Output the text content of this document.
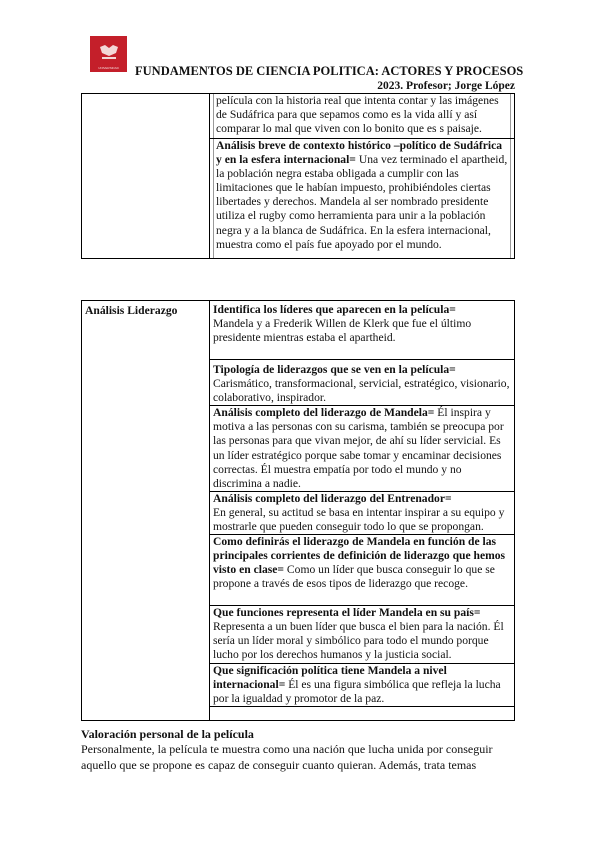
UNIVERSIDAD FUNDAMENTOS DE CIENCIA POLITICA: ACTORES Y PROCESOS
2023. Profesor; Jorge López

película con la historia real que intenta contar y las imágenes de Sudáfrica para que sepamos como es la vida allí y así comparar lo mal que viven con lo bonito que es s paisaje.

Análisis breve de contexto histórico –político de Sudáfrica y en la esfera internacional= Una vez terminado el apartheid, la población negra estaba obligada a cumplir con las limitaciones que le habían impuesto, prohibiéndoles ciertas libertades y derechos. Mandela al ser nombrado presidente utiliza el rugby como herramienta para unir a la población negra y a la blanca de Sudáfrica. En la esfera internacional, muestra como el país fue apoyado por el mundo.
Análisis Liderazgo	Identifica los líderes que aparecen en la película=
Mandela y a Frederik Willen de Klerk que fue el último presidente mientras estaba el apartheid.
Tipología de liderazgos que se ven en la película=
Carismático, transformacional, servicial, estratégico, visionario, colaborativo, inspirador.
Análisis completo del liderazgo de Mandela= Él inspira y motiva a las personas con su carisma, también se preocupa por las personas para que vivan mejor, de ahí su líder servicial. Es un líder estratégico porque sabe tomar y encaminar decisiones correctas. Él muestra empatía por todo el mundo y no discrimina a nadie.
Análisis completo del liderazgo del Entrenador=
En general, su actitud se basa en intentar inspirar a su equipo y mostrarle que pueden conseguir todo lo que se propongan.
Como definirás el liderazgo de Mandela en función de las principales corrientes de definición de liderazgo que hemos visto en clase= Como un líder que busca conseguir lo que se propone a través de esos tipos de liderazgo que recoge.
Que funciones representa el líder Mandela en su país=
Representa a un buen líder que busca el bien para la nación. Él sería un líder moral y simbólico para todo el mundo porque lucho por los derechos humanos y la justicia social.
Que significación política tiene Mandela a nivel internacional= Él es una figura simbólica que refleja la lucha por la igualdad y promotor de la paz.

Valoración personal de la película
Personalmente, la película te muestra como una nación que lucha unida por conseguir aquello que se propone es capaz de conseguir cuanto quieran. Además, trata temas
